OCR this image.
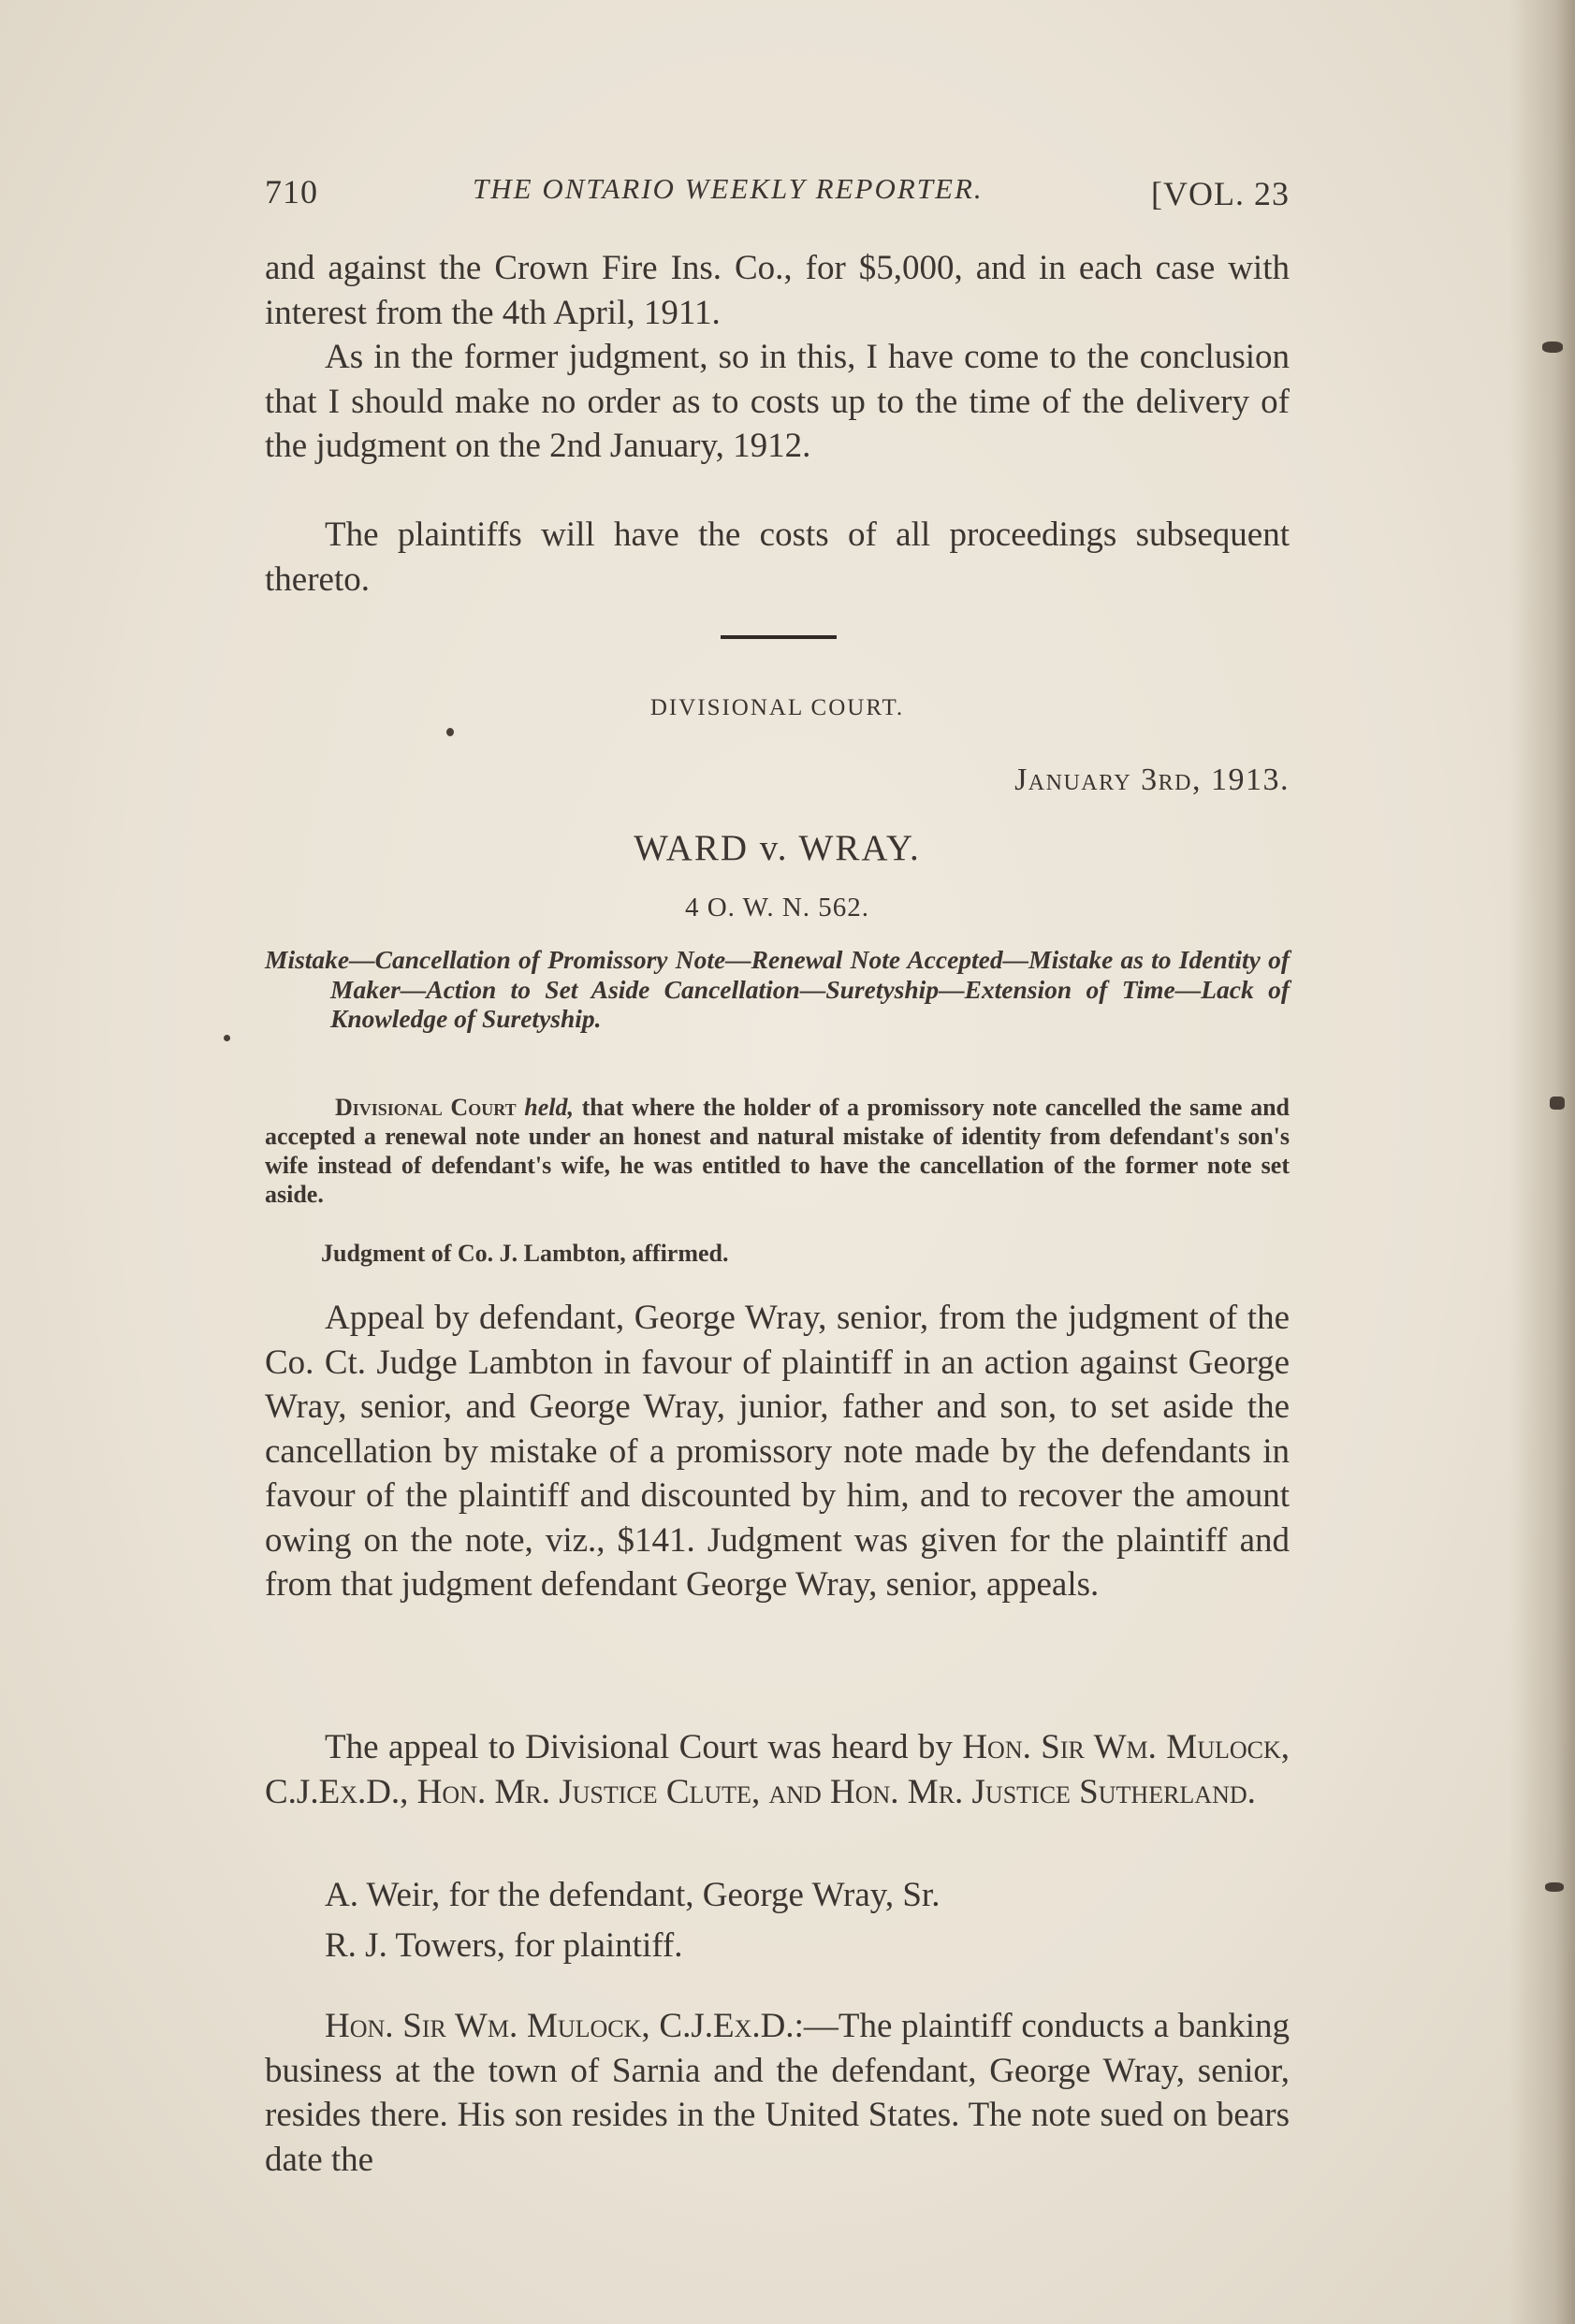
710	THE ONTARIO WEEKLY REPORTER.	[VOL. 23

and against the Crown Fire Ins. Co., for $5,000, and in each case with interest from the 4th April, 1911.

As in the former judgment, so in this, I have come to the conclusion that I should make no order as to costs up to the time of the delivery of the judgment on the 2nd January, 1912.

The plaintiffs will have the costs of all proceedings subsequent thereto.

DIVISIONAL COURT.
January 3rd, 1913.
WARD v. WRAY.
4 O. W. N. 562.

Mistake—Cancellation of Promissory Note—Renewal Note Accepted—Mistake as to Identity of Maker—Action to Set Aside Cancellation—Suretyship—Extension of Time—Lack of Knowledge of Suretyship.

Divisional Court held, that where the holder of a promissory note cancelled the same and accepted a renewal note under an honest and natural mistake of identity from defendant's son's wife instead of defendant's wife, he was entitled to have the cancellation of the former note set aside.

Judgment of Co. J. Lambton, affirmed.

Appeal by defendant, George Wray, senior, from the judgment of the Co. Ct. Judge Lambton in favour of plaintiff in an action against George Wray, senior, and George Wray, junior, father and son, to set aside the cancellation by mistake of a promissory note made by the defendants in favour of the plaintiff and discounted by him, and to recover the amount owing on the note, viz., $141. Judgment was given for the plaintiff and from that judgment defendant George Wray, senior, appeals.

The appeal to Divisional Court was heard by Hon. Sir Wm. Mulock, C.J.Ex.D., Hon. Mr. Justice Clute, and Hon. Mr. Justice Sutherland.

A. Weir, for the defendant, George Wray, Sr.

R. J. Towers, for plaintiff.

Hon. Sir Wm. Mulock, C.J.Ex.D.:—The plaintiff conducts a banking business at the town of Sarnia and the defendant, George Wray, senior, resides there. His son resides in the United States. The note sued on bears date the
